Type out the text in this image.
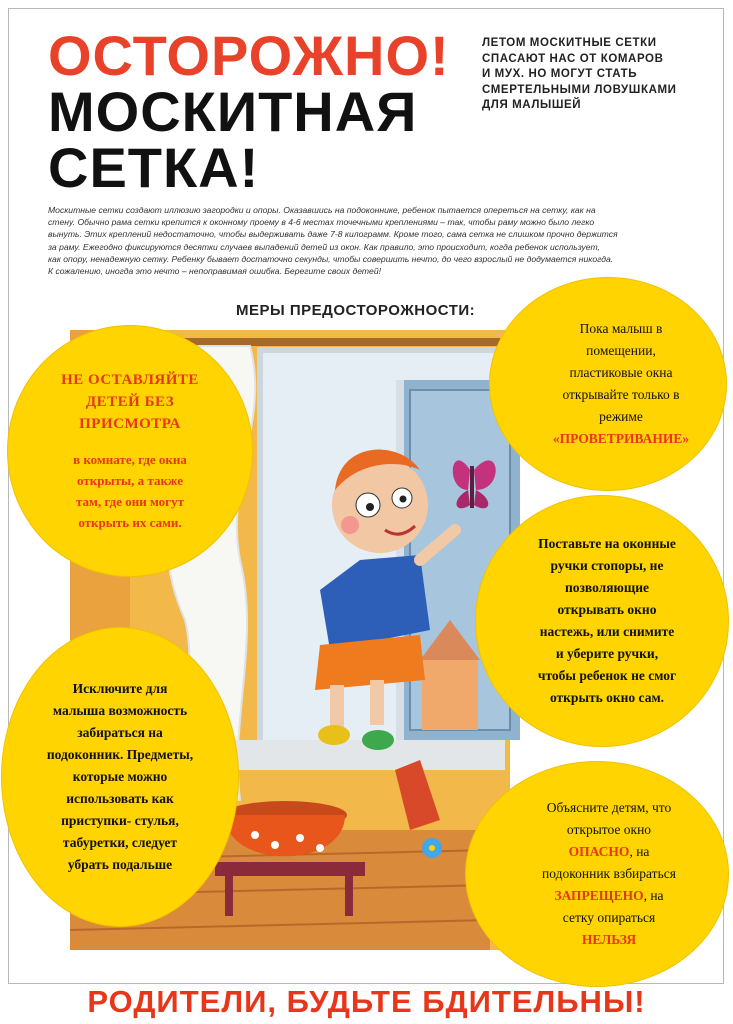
ОСТОРОЖНО!
МОСКИТНАЯ
СЕТКА!
ЛЕТОМ МОСКИТНЫЕ СЕТКИ
СПАСАЮТ НАС ОТ КОМАРОВ
И МУХ. НО МОГУТ СТАТЬ
СМЕРТЕЛЬНЫМИ ЛОВУШКАМИ
ДЛЯ МАЛЫШЕЙ
Москитные сетки создают иллюзию загородки и опоры. Оказавшись на подоконнике, ребенок пытается опереться на сетку, как на
стену. Обычно рама сетки крепится к оконному проему в 4-6 местах точечными креплениями – так, чтобы раму можно было легко
вынуть. Этих креплений недостаточно, чтобы выдерживать даже 7-8 килограмм. Кроме того, сама сетка не слишком прочно держится
за раму. Ежегодно фиксируются десятки случаев выпадений детей из окон. Как правило, это происходит, когда ребенок использует,
как опору, ненадежную сетку. Ребенку бывает достаточно секунды, чтобы совершить нечто, до чего взрослый не додумается никогда.
К сожалению, иногда это нечто – непоправимая ошибка. Берегите своих детей!
МЕРЫ ПРЕДОСТОРОЖНОСТИ:
НЕ ОСТАВЛЯЙТЕ
ДЕТЕЙ БЕЗ
ПРИСМОТРА
в комнате, где окна
открыты, а также
там, где они могут
открыть их сами.
Пока малыш в
помещении,
пластиковые окна
открывайте только в
режиме
«ПРОВЕТРИВАНИЕ»
Поставьте на оконные
ручки стопоры, не
позволяющие
открывать окно
настежь, или снимите
и уберите ручки,
чтобы ребенок не смог
открыть окно сам.
Исключите для
малыша возможность
забираться на
подоконник. Предметы,
которые можно
использовать как
приступки- стулья,
табуретки, следует
убрать подальше
Объясните детям, что
открытое окно
ОПАСНО, на
подоконник взбираться
ЗАПРЕЩЕНО, на
сетку опираться
НЕЛЬЗЯ
РОДИТЕЛИ, БУДЬТЕ БДИТЕЛЬНЫ!
